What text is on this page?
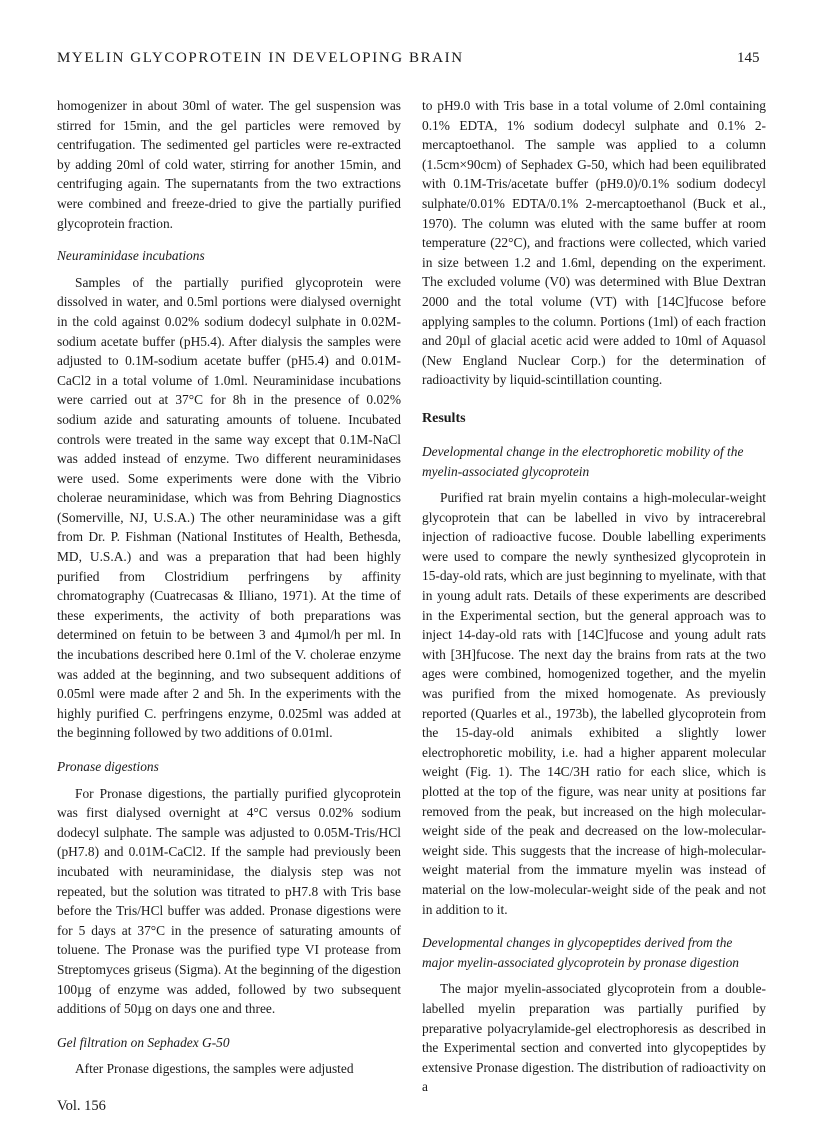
MYELIN GLYCOPROTEIN IN DEVELOPING BRAIN	145

homogenizer in about 30ml of water. The gel suspension was stirred for 15min, and the gel particles were removed by centrifugation. The sedimented gel particles were re-extracted by adding 20ml of cold water, stirring for another 15min, and centrifuging again. The supernatants from the two extractions were combined and freeze-dried to give the partially purified glycoprotein fraction.

Neuraminidase incubations

Samples of the partially purified glycoprotein were dissolved in water, and 0.5ml portions were dialysed overnight in the cold against 0.02% sodium dodecyl sulphate in 0.02M-sodium acetate buffer (pH5.4). After dialysis the samples were adjusted to 0.1M-sodium acetate buffer (pH5.4) and 0.01M-CaCl2 in a total volume of 1.0ml. Neuraminidase incubations were carried out at 37°C for 8h in the presence of 0.02% sodium azide and saturating amounts of toluene. Incubated controls were treated in the same way except that 0.1M-NaCl was added instead of enzyme. Two different neuraminidases were used. Some experiments were done with the Vibrio cholerae neuraminidase, which was from Behring Diagnostics (Somerville, NJ, U.S.A.) The other neuraminidase was a gift from Dr. P. Fishman (National Institutes of Health, Bethesda, MD, U.S.A.) and was a preparation that had been highly purified from Clostridium perfringens by affinity chromatography (Cuatrecasas & Illiano, 1971). At the time of these experiments, the activity of both preparations was determined on fetuin to be between 3 and 4µmol/h per ml. In the incubations described here 0.1ml of the V. cholerae enzyme was added at the beginning, and two subsequent additions of 0.05ml were made after 2 and 5h. In the experiments with the highly purified C. perfringens enzyme, 0.025ml was added at the beginning followed by two additions of 0.01ml.

Pronase digestions

For Pronase digestions, the partially purified glycoprotein was first dialysed overnight at 4°C versus 0.02% sodium dodecyl sulphate. The sample was adjusted to 0.05M-Tris/HCl (pH7.8) and 0.01M-CaCl2. If the sample had previously been incubated with neuraminidase, the dialysis step was not repeated, but the solution was titrated to pH7.8 with Tris base before the Tris/HCl buffer was added. Pronase digestions were for 5 days at 37°C in the presence of saturating amounts of toluene. The Pronase was the purified type VI protease from Streptomyces griseus (Sigma). At the beginning of the digestion 100µg of enzyme was added, followed by two subsequent additions of 50µg on days one and three.

Gel filtration on Sephadex G-50

After Pronase digestions, the samples were adjusted

to pH9.0 with Tris base in a total volume of 2.0ml containing 0.1% EDTA, 1% sodium dodecyl sulphate and 0.1% 2-mercaptoethanol. The sample was applied to a column (1.5cm×90cm) of Sephadex G-50, which had been equilibrated with 0.1M-Tris/acetate buffer (pH9.0)/0.1% sodium dodecyl sulphate/0.01% EDTA/0.1% 2-mercaptoethanol (Buck et al., 1970). The column was eluted with the same buffer at room temperature (22°C), and fractions were collected, which varied in size between 1.2 and 1.6ml, depending on the experiment. The excluded volume (V0) was determined with Blue Dextran 2000 and the total volume (VT) with [14C]fucose before applying samples to the column. Portions (1ml) of each fraction and 20µl of glacial acetic acid were added to 10ml of Aquasol (New England Nuclear Corp.) for the determination of radioactivity by liquid-scintillation counting.

Results
Developmental change in the electrophoretic mobility of the myelin-associated glycoprotein

Purified rat brain myelin contains a high-molecular-weight glycoprotein that can be labelled in vivo by intracerebral injection of radioactive fucose. Double labelling experiments were used to compare the newly synthesized glycoprotein in 15-day-old rats, which are just beginning to myelinate, with that in young adult rats. Details of these experiments are described in the Experimental section, but the general approach was to inject 14-day-old rats with [14C]fucose and young adult rats with [3H]fucose. The next day the brains from rats at the two ages were combined, homogenized together, and the myelin was purified from the mixed homogenate. As previously reported (Quarles et al., 1973b), the labelled glycoprotein from the 15-day-old animals exhibited a slightly lower electrophoretic mobility, i.e. had a higher apparent molecular weight (Fig. 1). The 14C/3H ratio for each slice, which is plotted at the top of the figure, was near unity at positions far removed from the peak, but increased on the high molecular-weight side of the peak and decreased on the low-molecular-weight side. This suggests that the increase of high-molecular-weight material from the immature myelin was instead of material on the low-molecular-weight side of the peak and not in addition to it.

Developmental changes in glycopeptides derived from the major myelin-associated glycoprotein by pronase digestion

The major myelin-associated glycoprotein from a double-labelled myelin preparation was partially purified by preparative polyacrylamide-gel electrophoresis as described in the Experimental section and converted into glycopeptides by extensive Pronase digestion. The distribution of radioactivity on a

Vol. 156
